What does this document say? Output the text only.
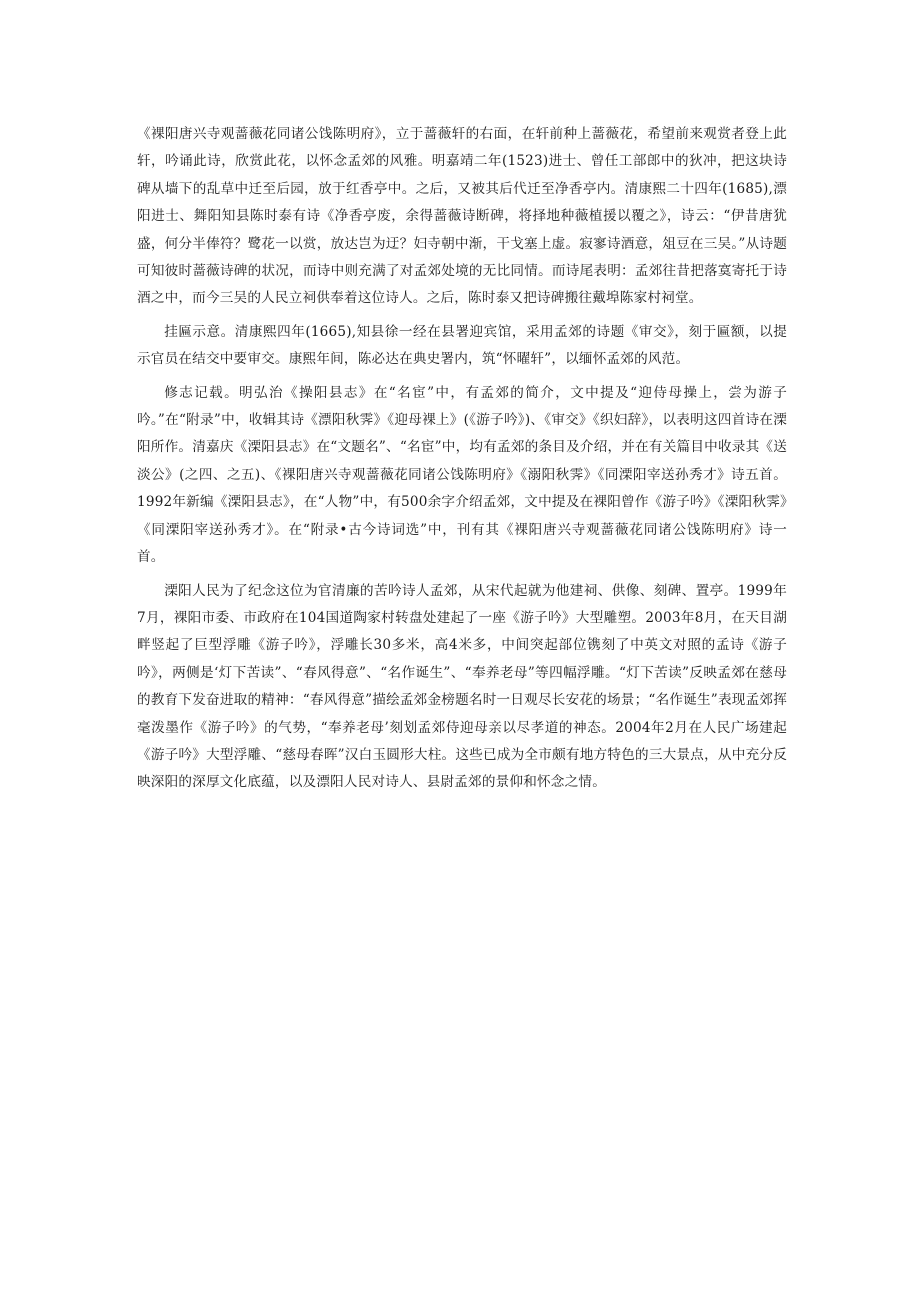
《裸阳唐兴寺观蔷薇花同诸公饯陈明府》，立于蔷薇轩的右面，在轩前种上蔷薇花，希望前来观赏者登上此轩，吟诵此诗，欣赏此花，以怀念孟郊的风雅。明嘉靖二年(1523)进士、曾任工部郎中的狄冲，把这块诗碑从墙下的乱草中迁至后园，放于红香亭中。之后，又被其后代迁至净香亭内。清康熙二十四年(1685),漂阳进士、舞阳知县陈时泰有诗《净香亭废，余得蔷薇诗断碑，将择地种薇植援以覆之》，诗云：“伊昔唐犹盛，何分半俸符？鹭花一以赏，放达岂为迂？妇寺朝中渐，干戈塞上虚。寂寥诗酒意，俎豆在三吴。”从诗题可知彼时蔷薇诗碑的状况，而诗中则充满了对孟郊处境的无比同情。而诗尾表明：孟郊往昔把落寞寄托于诗酒之中，而今三吴的人民立祠供奉着这位诗人。之后，陈时泰又把诗碑搬往戴埠陈家村祠堂。

挂匾示意。清康熙四年(1665),知县徐一经在县署迎宾馆，采用孟郊的诗题《审交》，刻于匾额，以提示官员在结交中要审交。康熙年间，陈必达在典史署内，筑“怀曜轩”，以缅怀孟郊的风范。

修志记载。明弘治《操阳县志》在“名宦”中，有孟郊的简介，文中提及“迎侍母操上，尝为游子吟。”在“附录”中，收辑其诗《漂阳秋霁》《迎母裸上》(《游子吟》)、《审交》《织妇辞》，以表明这四首诗在溧阳所作。清嘉庆《溧阳县志》在“文题名”、“名宦”中，均有孟郊的条目及介绍，并在有关篇目中收录其《送淡公》(之四、之五)、《裸阳唐兴寺观蔷薇花同诸公饯陈明府》《溺阳秋霁》《同溧阳宰送孙秀才》诗五首。1992年新编《溧阳县志》，在“人物”中，有500余字介绍孟郊，文中提及在裸阳曾作《游子吟》《溧阳秋霁》《同溧阳宰送孙秀才》。在“附录•古今诗词选”中，刊有其《裸阳唐兴寺观蔷薇花同诸公饯陈明府》诗一首。

溧阳人民为了纪念这位为官清廉的苦吟诗人孟郊，从宋代起就为他建祠、供像、刻碑、置亭。1999年7月，裸阳市委、市政府在104国道陶家村转盘处建起了一座《游子吟》大型雕塑。2003年8月，在天目湖畔竖起了巨型浮雕《游子吟》，浮雕长30多米，高4米多，中间突起部位镌刻了中英文对照的孟诗《游子吟》，两侧是‘灯下苦读”、“春风得意”、“名作诞生”、“奉养老母”等四幅浮雕。“灯下苦读”反映孟郊在慈母的教育下发奋进取的精神：“春风得意”描绘孟郊金榜题名时一日观尽长安花的场景；“名作诞生”表现孟郊挥毫泼墨作《游子吟》的气势，“奉养老母’刻划孟郊侍迎母亲以尽孝道的神态。2004年2月在人民广场建起《游子吟》大型浮雕、“慈母春晖”汉白玉圆形大柱。这些已成为全市颇有地方特色的三大景点，从中充分反映深阳的深厚文化底蕴，以及漂阳人民对诗人、县尉孟郊的景仰和怀念之情。
